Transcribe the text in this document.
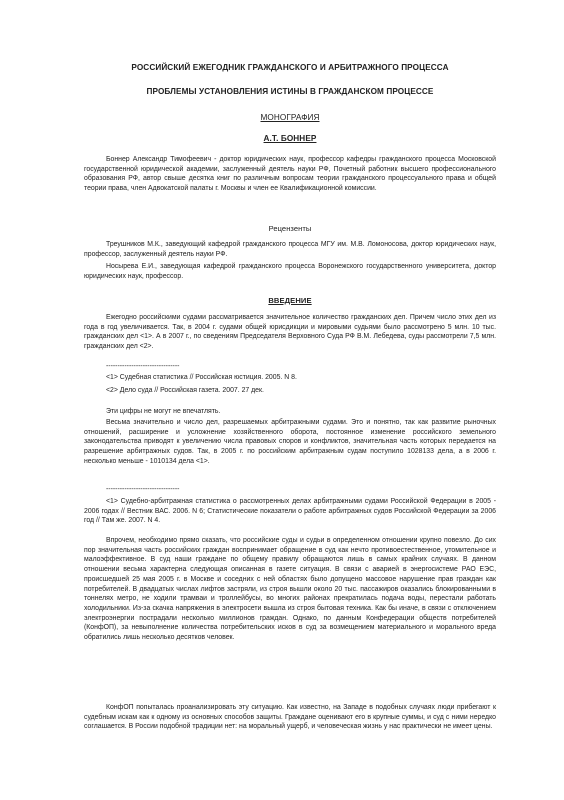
РОССИЙСКИЙ ЕЖЕГОДНИК ГРАЖДАНСКОГО И АРБИТРАЖНОГО ПРОЦЕССА

ПРОБЛЕМЫ УСТАНОВЛЕНИЯ ИСТИНЫ В ГРАЖДАНСКОМ ПРОЦЕССЕ

МОНОГРАФИЯ

А.Т. БОННЕР

Боннер Александр Тимофеевич - доктор юридических наук, профессор кафедры гражданского процесса Московской государственной юридической академии, заслуженный деятель науки РФ, Почетный работник высшего профессионального образования РФ, автор свыше десятка книг по различным вопросам теории гражданского процессуального права и общей теории права, член Адвокатской палаты г. Москвы и член ее Квалификационной комиссии.

Рецензенты

Треушников М.К., заведующий кафедрой гражданского процесса МГУ им. М.В. Ломоносова, доктор юридических наук, профессор, заслуженный деятель науки РФ.

Носырева Е.И., заведующая кафедрой гражданского процесса Воронежского государственного университета, доктор юридических наук, профессор.

ВВЕДЕНИЕ

Ежегодно российскими судами рассматривается значительное количество гражданских дел. Причем число этих дел из года в год увеличивается. Так, в 2004 г. судами общей юрисдикции и мировыми судьями было рассмотрено 5 млн. 10 тыс. гражданских дел <1>. А в 2007 г., по сведениям Председателя Верховного Суда РФ В.М. Лебедева, суды рассмотрели 7,5 млн. гражданских дел <2>.

--------------------------------

<1> Судебная статистика // Российская юстиция. 2005. N 8.

<2> Дело суда // Российская газета. 2007. 27 дек.

Эти цифры не могут не впечатлять.

Весьма значительно и число дел, разрешаемых арбитражными судами. Это и понятно, так как развитие рыночных отношений, расширение и усложнение хозяйственного оборота, постоянное изменение российского земельного законодательства приводят к увеличению числа правовых споров и конфликтов, значительная часть которых передается на разрешение арбитражных судов. Так, в 2005 г. по российским арбитражным судам поступило 1028133 дела, а в 2006 г. несколько меньше - 1010134 дела <1>.

--------------------------------

<1> Судебно-арбитражная статистика о рассмотренных делах арбитражными судами Российской Федерации в 2005 - 2006 годах // Вестник ВАС. 2006. N 6; Статистические показатели о работе арбитражных судов Российской Федерации за 2006 год // Там же. 2007. N 4.

Впрочем, необходимо прямо сказать, что российские суды и судьи в определенном отношении крупно повезло. До сих пор значительная часть российских граждан воспринимает обращение в суд как нечто противоестественное, утомительное и малоэффективное. В суд наши граждане по общему правилу обращаются лишь в самых крайних случаях. В данном отношении весьма характерна следующая описанная в газете ситуация. В связи с аварией в энергосистеме РАО ЕЭС, происшедшей 25 мая 2005 г. в Москве и соседних с ней областях было допущено массовое нарушение прав граждан как потребителей. В двадцатых числах лифтов застряли, из строя вышли около 20 тыс. пассажиров оказались блокированными в тоннелях метро, не ходили трамваи и троллейбусы, во многих районах прекратилась подача воды, перестали работать холодильники. Из-за скачка напряжения в электросети вышла из строя бытовая техника. Как бы иначе, в связи с отключением электроэнергии пострадали несколько миллионов граждан. Однако, по данным Конфедерации обществ потребителей (КонфОП), за невыполнение количества потребительских исков в суд за возмещением материального и морального вреда обратились лишь несколько десятков человек.

КонфОП попыталась проанализировать эту ситуацию. Как известно, на Западе в подобных случаях люди прибегают к судебным искам как к одному из основных способов защиты. Граждане оценивают его в крупные суммы, и суд с ними нередко соглашается. В России подобной традиции нет: на моральный ущерб, и человеческая жизнь у нас практически не имеет цены.
